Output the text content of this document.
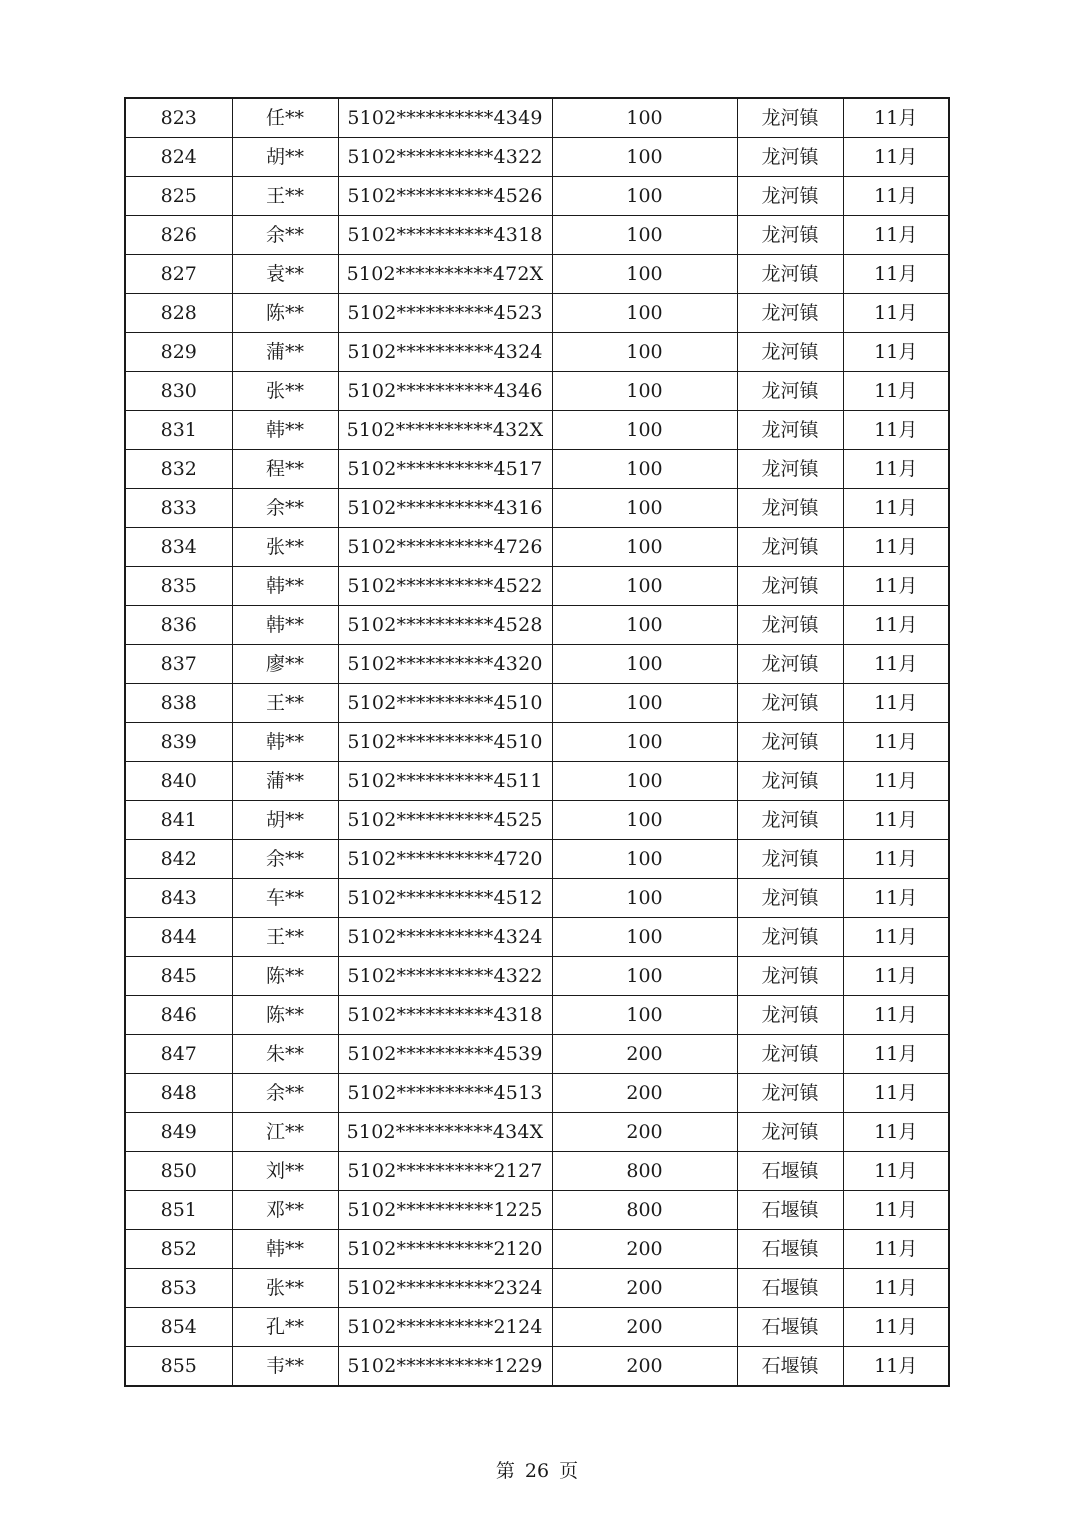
823	任**	5102**********4349	100	龙河镇	11月
824	胡**	5102**********4322	100	龙河镇	11月
825	王**	5102**********4526	100	龙河镇	11月
826	余**	5102**********4318	100	龙河镇	11月
827	袁**	5102**********472X	100	龙河镇	11月
828	陈**	5102**********4523	100	龙河镇	11月
829	蒲**	5102**********4324	100	龙河镇	11月
830	张**	5102**********4346	100	龙河镇	11月
831	韩**	5102**********432X	100	龙河镇	11月
832	程**	5102**********4517	100	龙河镇	11月
833	余**	5102**********4316	100	龙河镇	11月
834	张**	5102**********4726	100	龙河镇	11月
835	韩**	5102**********4522	100	龙河镇	11月
836	韩**	5102**********4528	100	龙河镇	11月
837	廖**	5102**********4320	100	龙河镇	11月
838	王**	5102**********4510	100	龙河镇	11月
839	韩**	5102**********4510	100	龙河镇	11月
840	蒲**	5102**********4511	100	龙河镇	11月
841	胡**	5102**********4525	100	龙河镇	11月
842	余**	5102**********4720	100	龙河镇	11月
843	车**	5102**********4512	100	龙河镇	11月
844	王**	5102**********4324	100	龙河镇	11月
845	陈**	5102**********4322	100	龙河镇	11月
846	陈**	5102**********4318	100	龙河镇	11月
847	朱**	5102**********4539	200	龙河镇	11月
848	余**	5102**********4513	200	龙河镇	11月
849	江**	5102**********434X	200	龙河镇	11月
850	刘**	5102**********2127	800	石堰镇	11月
851	邓**	5102**********1225	800	石堰镇	11月
852	韩**	5102**********2120	200	石堰镇	11月
853	张**	5102**********2324	200	石堰镇	11月
854	孔**	5102**********2124	200	石堰镇	11月
855	韦**	5102**********1229	200	石堰镇	11月
第 26 页
